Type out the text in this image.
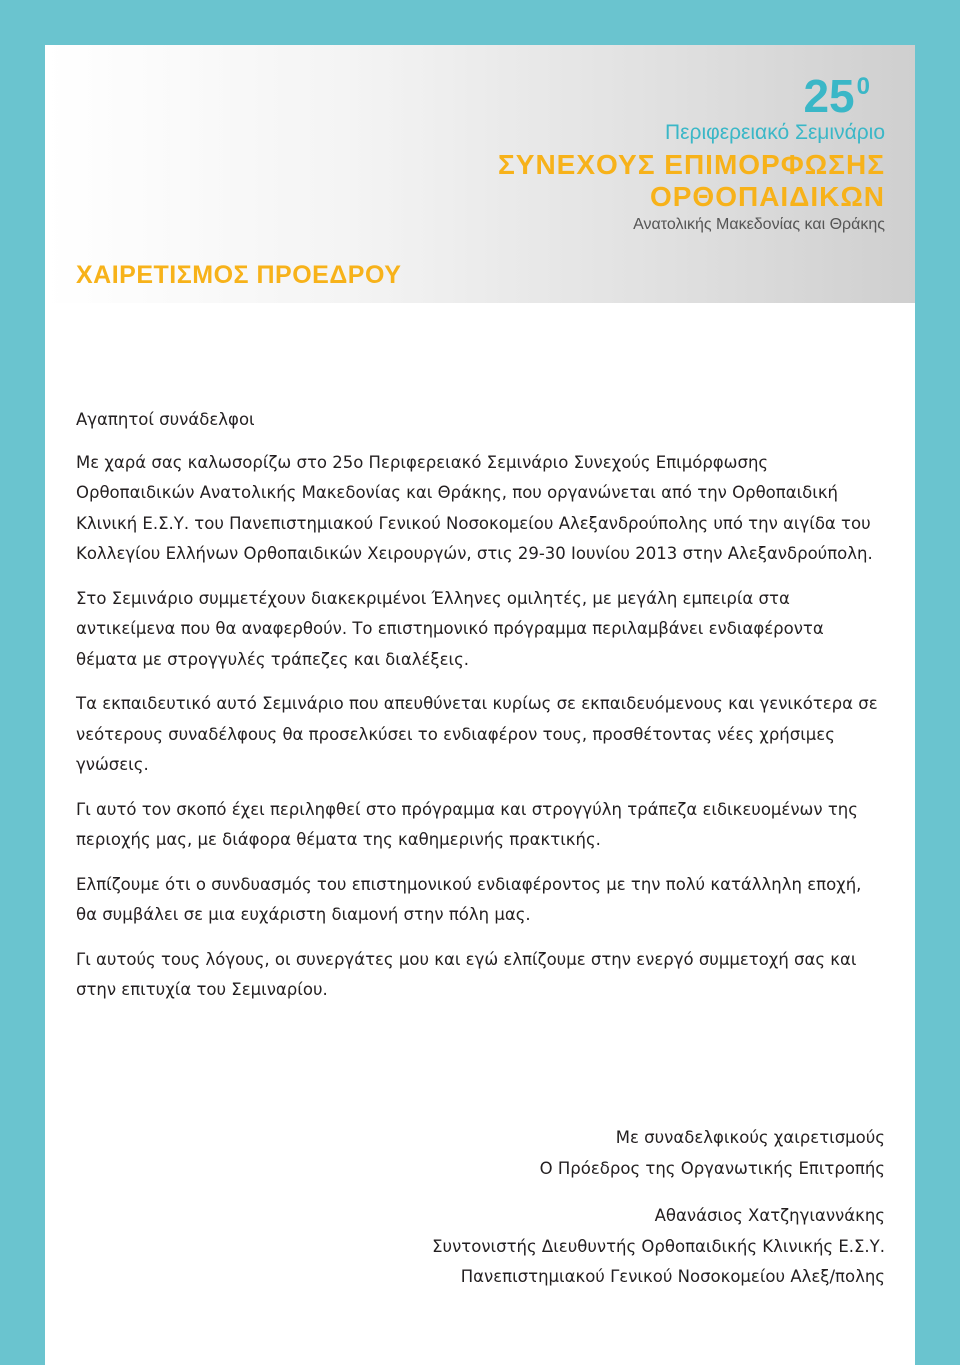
$25^0$
Περιφερειακό Σεμινάριο
ΣΥΝΕΧΟΥΣ ΕΠΙΜΟΡΦΩΣΗΣ
ΟΡΘΟΠΑΙΔΙΚΩΝ
Ανατολικής Μακεδονίας και Θράκης
ΧΑΙΡΕΤΙΣΜΟΣ ΠΡΟΕΔΡΟΥ

Αγαπητοί συνάδελφοι

Με χαρά σας καλωσορίζω στο 25ο Περιφερειακό Σεμινάριο Συνεχούς Επιμόρφωσης Ορθοπαιδικών Ανατολικής Μακεδονίας και Θράκης, που οργανώνεται από την Ορθοπαιδική Κλινική Ε.Σ.Υ. του Πανεπιστημιακού Γενικού Νοσοκομείου Αλεξανδρούπολης υπό την αιγίδα του Κολλεγίου Ελλήνων Ορθοπαιδικών Χειρουργών, στις 29-30 Ιουνίου 2013 στην Αλεξανδρούπολη.

Στο Σεμινάριο συμμετέχουν διακεκριμένοι Έλληνες ομιλητές, με μεγάλη εμπειρία στα αντικείμενα που θα αναφερθούν. Το επιστημονικό πρόγραμμα περιλαμβάνει ενδιαφέροντα θέματα με στρογγυλές τράπεζες και διαλέξεις.

Τα εκπαιδευτικό αυτό Σεμινάριο που απευθύνεται κυρίως σε εκπαιδευόμενους και γενικότερα σε νεότερους συναδέλφους θα προσελκύσει το ενδιαφέρον τους, προσθέτοντας νέες χρήσιμες γνώσεις.

Γι αυτό τον σκοπό έχει περιληφθεί στο πρόγραμμα και στρογγύλη τράπεζα ειδικευομένων της περιοχής μας, με διάφορα θέματα της καθημερινής πρακτικής.

Ελπίζουμε ότι ο συνδυασμός του επιστημονικού ενδιαφέροντος με την πολύ κατάλληλη εποχή, θα συμβάλει σε μια ευχάριστη διαμονή στην πόλη μας.

Γι αυτούς τους λόγους, οι συνεργάτες μου και εγώ ελπίζουμε στην ενεργό συμμετοχή σας και στην επιτυχία του Σεμιναρίου.

Με συναδελφικούς χαιρετισμούς
Ο Πρόεδρος της Οργανωτικής Επιτροπής
Αθανάσιος Χατζηγιαννάκης
Συντονιστής Διευθυντής Ορθοπαιδικής Κλινικής Ε.Σ.Υ.
Πανεπιστημιακού Γενικού Νοσοκομείου Αλεξ/πολης
